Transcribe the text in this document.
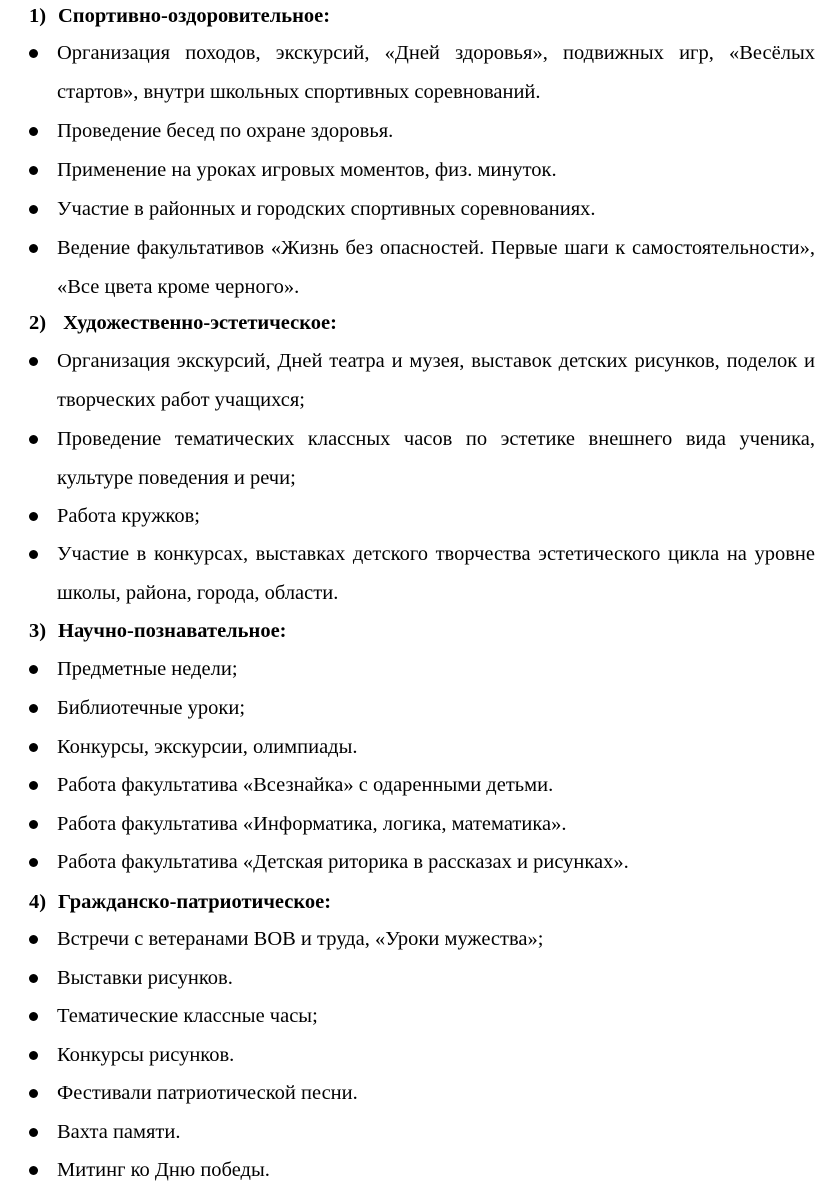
1) Спортивно-оздоровительное:
Организация походов, экскурсий, «Дней здоровья», подвижных игр, «Весёлых стартов», внутри школьных спортивных соревнований.
Проведение бесед по охране здоровья.
Применение на уроках игровых моментов, физ. минуток.
Участие в районных и городских спортивных соревнованиях.
Ведение факультативов «Жизнь без опасностей. Первые шаги к самостоятельности», «Все цвета кроме черного».
2) Художественно-эстетическое:
Организация экскурсий, Дней театра и музея, выставок детских рисунков, поделок и творческих работ учащихся;
Проведение тематических классных часов по эстетике внешнего вида ученика, культуре поведения и речи;
Работа кружков;
Участие в конкурсах, выставках детского творчества эстетического цикла на уровне школы, района, города, области.
3) Научно-познавательное:
Предметные недели;
Библиотечные уроки;
Конкурсы, экскурсии, олимпиады.
Работа факультатива «Всезнайка» с одаренными детьми.
Работа факультатива «Информатика, логика, математика».
Работа факультатива «Детская риторика в рассказах и рисунках».
4) Гражданско-патриотическое:
Встречи с ветеранами ВОВ и труда, «Уроки мужества»;
Выставки рисунков.
Тематические классные часы;
Конкурсы рисунков.
Фестивали патриотической песни.
Вахта памяти.
Митинг ко Дню победы.
